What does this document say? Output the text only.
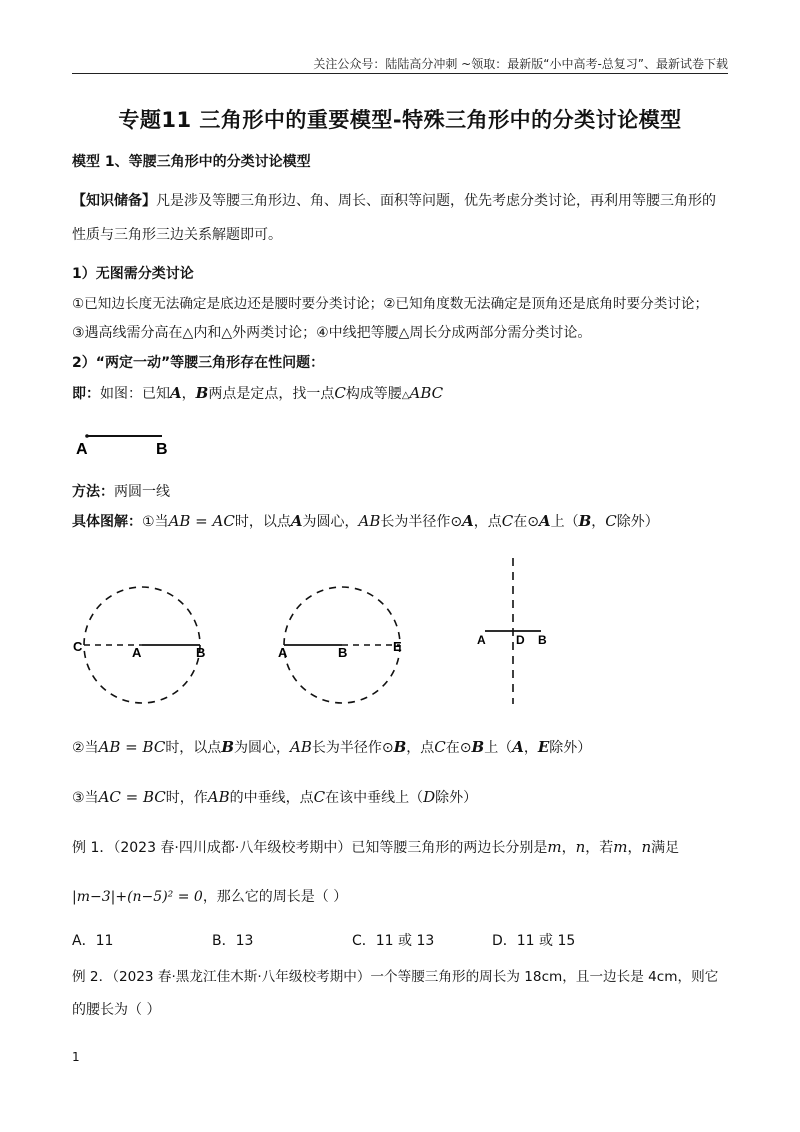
关注公众号：陆陆高分冲刺 ~领取：最新版“小中高考-总复习”、最新试卷下载
专题11 三角形中的重要模型-特殊三角形中的分类讨论模型
模型 1、等腰三角形中的分类讨论模型
【知识储备】凡是涉及等腰三角形边、角、周长、面积等问题，优先考虑分类讨论，再利用等腰三角形的
性质与三角形三边关系解题即可。
1）无图需分类讨论
①已知边长度无法确定是底边还是腰时要分类讨论；②已知角度数无法确定是顶角还是底角时要分类讨论；
③遇高线需分高在△内和△外两类讨论；④中线把等腰△周长分成两部分需分类讨论。
2）“两定一动”等腰三角形存在性问题：
即：如图：已知A，B两点是定点，找一点C构成等腰△ABC
A	B
方法：两圆一线
具体图解：①当AB = AC时，以点A为圆心，AB长为半径作⊙A，点C在⊙A上（B，C除外）
C	A	B	A	B	E	A	D B
②当AB = BC时，以点B为圆心，AB长为半径作⊙B，点C在⊙B上（A，E除外）
③当AC = BC时，作AB的中垂线，点C在该中垂线上（D除外）
例 1．（2023 春·四川成都·八年级校考期中）已知等腰三角形的两边长分别是m，n，若m，n满足
|m−3|+(n−5)² = 0，那么它的周长是（ ）
A．11	B．13	C．11 或 13	D．11 或 15
例 2．（2023 春·黑龙江佳木斯·八年级校考期中）一个等腰三角形的周长为 18cm，且一边长是 4cm，则它
的腰长为（ ）
1
